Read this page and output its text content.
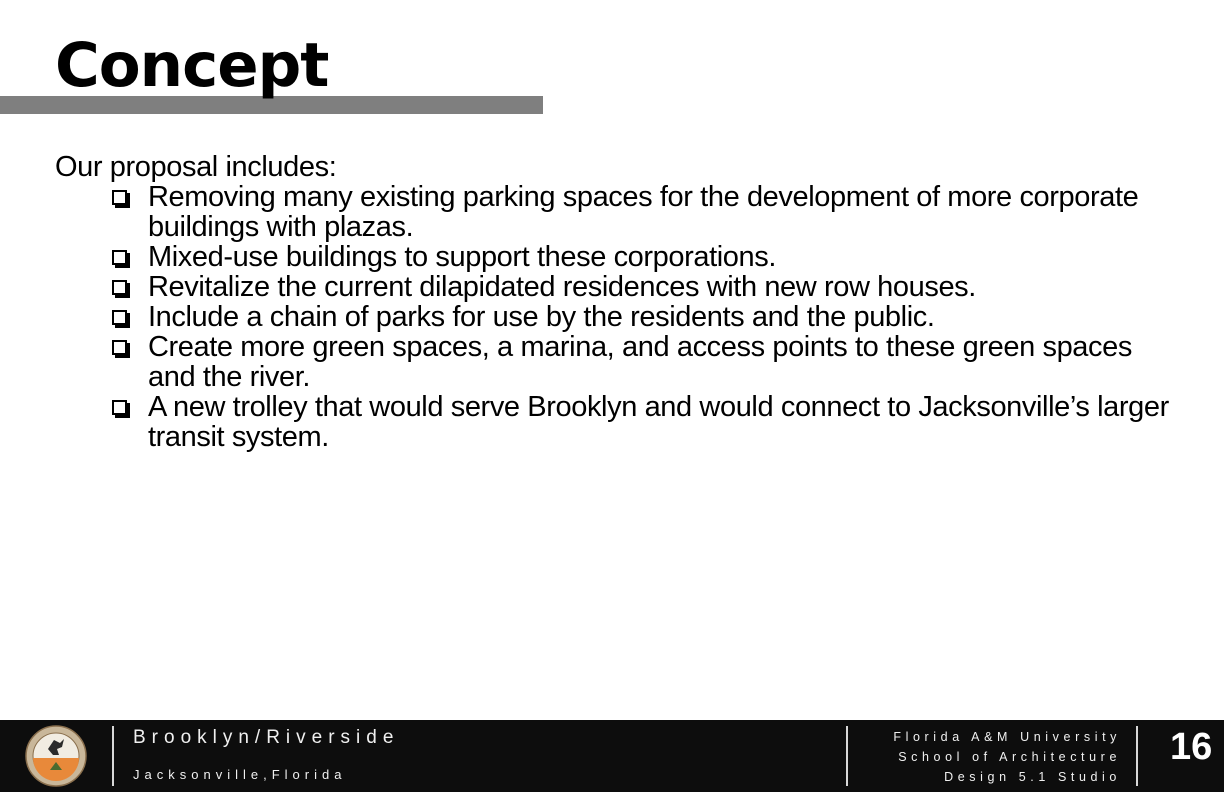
Concept

Our proposal includes:

Removing many existing parking spaces for the development of more corporate buildings with plazas.
Mixed-use buildings to support these corporations.
Revitalize the current dilapidated residences with new row houses.
Include a chain of parks for use by the residents and the public.
Create more green spaces, a marina, and access points to these green spaces and the river.
A new trolley that would serve Brooklyn and would connect to Jacksonville’s larger transit system.
Brooklyn/Riverside
Jacksonville,Florida
Florida A&M University
School of Architecture
Design 5.1 Studio
16
